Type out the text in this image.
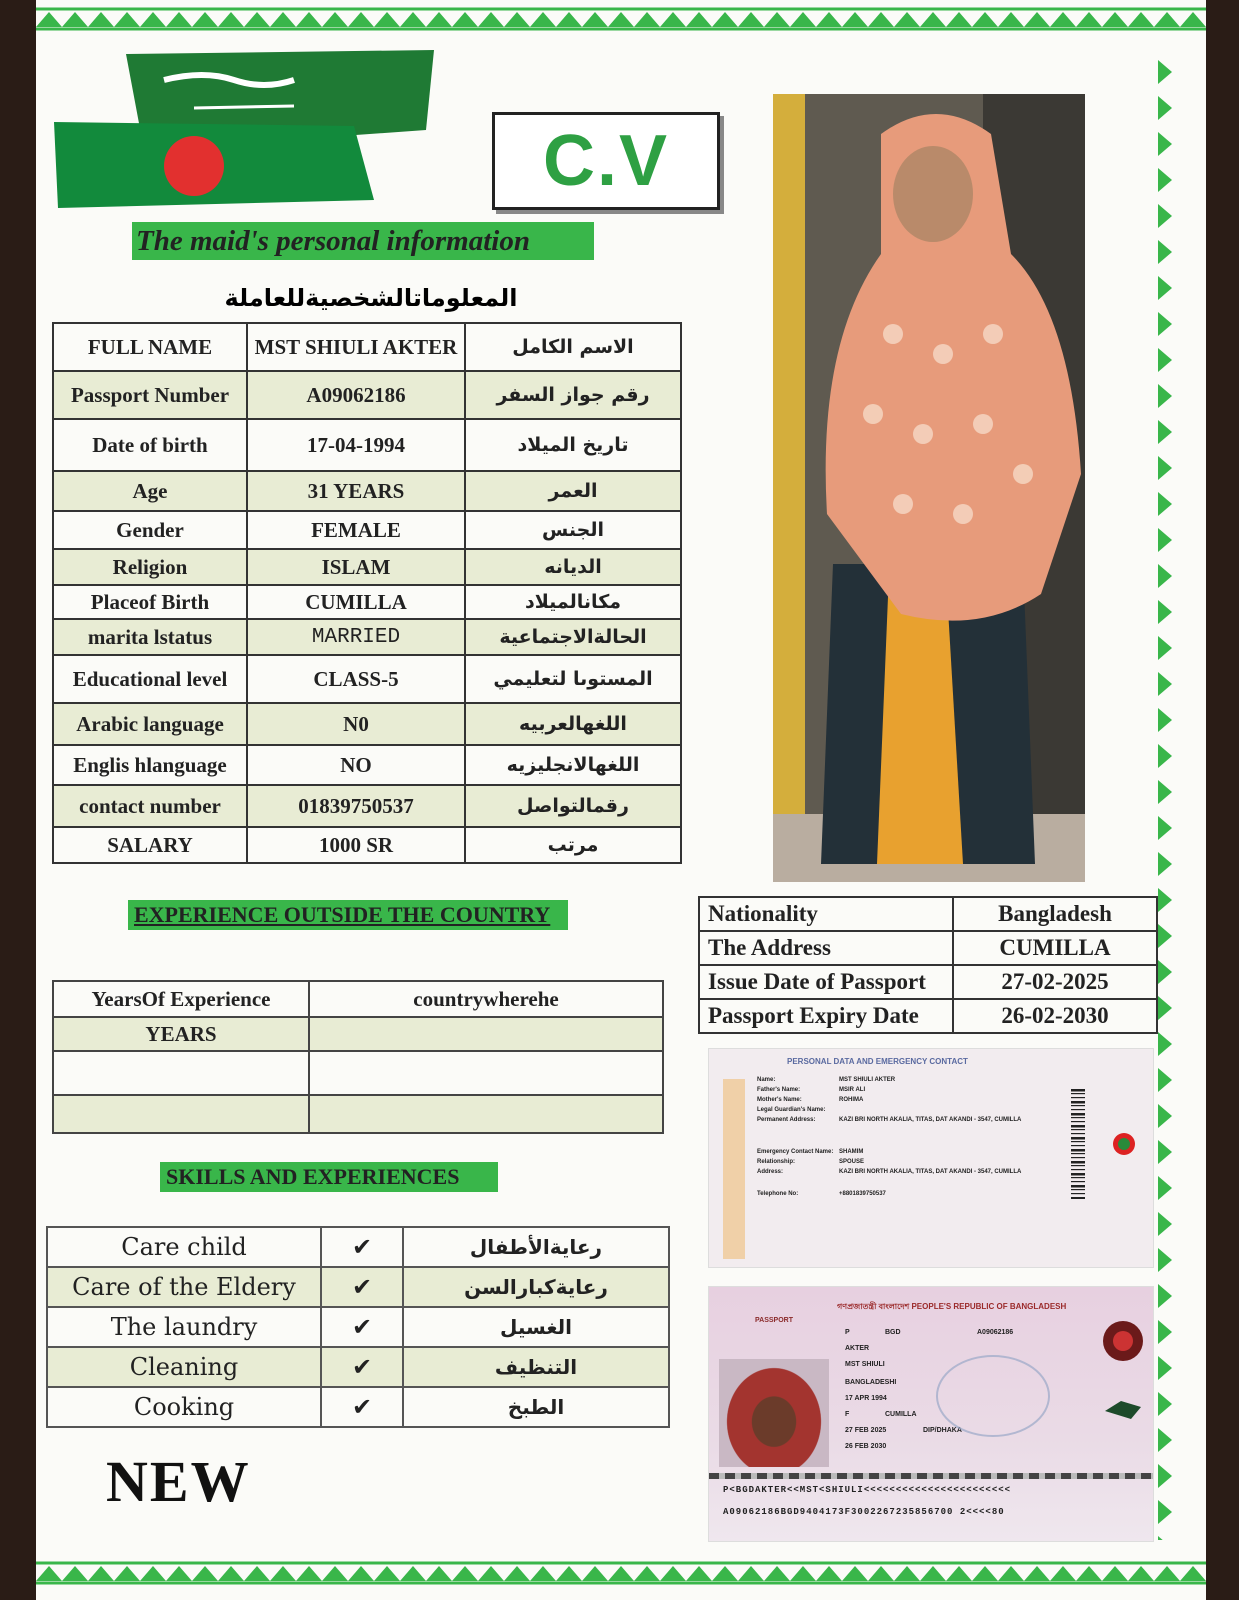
C.V
The maid's personal information
المعلوماتالشخصيةللعاملة
FULL NAME	MST SHIULI AKTER	الاسم الكامل
Passport Number	A09062186	رقم جواز السفر
Date of birth	17-04-1994	تاريخ الميلاد
Age	31 YEARS	العمر
Gender	FEMALE	الجنس
Religion	ISLAM	الديانه
Placeof Birth	CUMILLA	مكانالميلاد
marita lstatus	MARRIED	الحالةالاجتماعية
Educational level	CLASS-5	المستوىا لتعليمي
Arabic language	N0	اللغهالعربيه
Englis hlanguage	NO	اللغهالانجليزيه
contact number	01839750537	رقمالتواصل
SALARY	1000 SR	مرتب
Nationality	Bangladesh
The Address	CUMILLA
Issue Date of Passport	27-02-2025
Passport Expiry Date	26-02-2030
EXPERIENCE OUTSIDE THE COUNTRY
YearsOf Experience	countrywherehe
YEARS	

SKILLS AND EXPERIENCES
Care child	✔	رعايةالأطفال
Care of the Eldery	✔	رعايةكبارالسن
The laundry	✔	الغسيل
Cleaning	✔	التنظيف
Cooking	✔	الطبخ
NEW
PERSONAL DATA AND EMERGENCY CONTACT
Name:	MST SHIULI AKTER
Father's Name:	MSIR ALI
Mother's Name:	ROHIMA
Legal Guardian's Name:
Permanent Address:	KAZI BRI NORTH AKALIA, TITAS, DAT AKANDI - 3547, CUMILLA
Emergency Contact Name: SHAMIM
Relationship:	SPOUSE
Address:	KAZI BRI NORTH AKALIA, TITAS, DAT AKANDI - 3547, CUMILLA
Telephone No:	+8801839750537
গণপ্রজাতন্ত্রী বাংলাদেশ PEOPLE'S REPUBLIC OF BANGLADESH
PASSPORT
P	BGD	A09062186
AKTER
MST SHIULI
BANGLADESHI
17 APR 1994
F	CUMILLA
27 FEB 2025	DIP/DHAKA
26 FEB 2030
P<BGDAKTER<<MST<SHIULI<<<<<<<<<<<<<<<<<<<<<<<
A09062186BGD9404173F3002267235856700 2<<<<80
